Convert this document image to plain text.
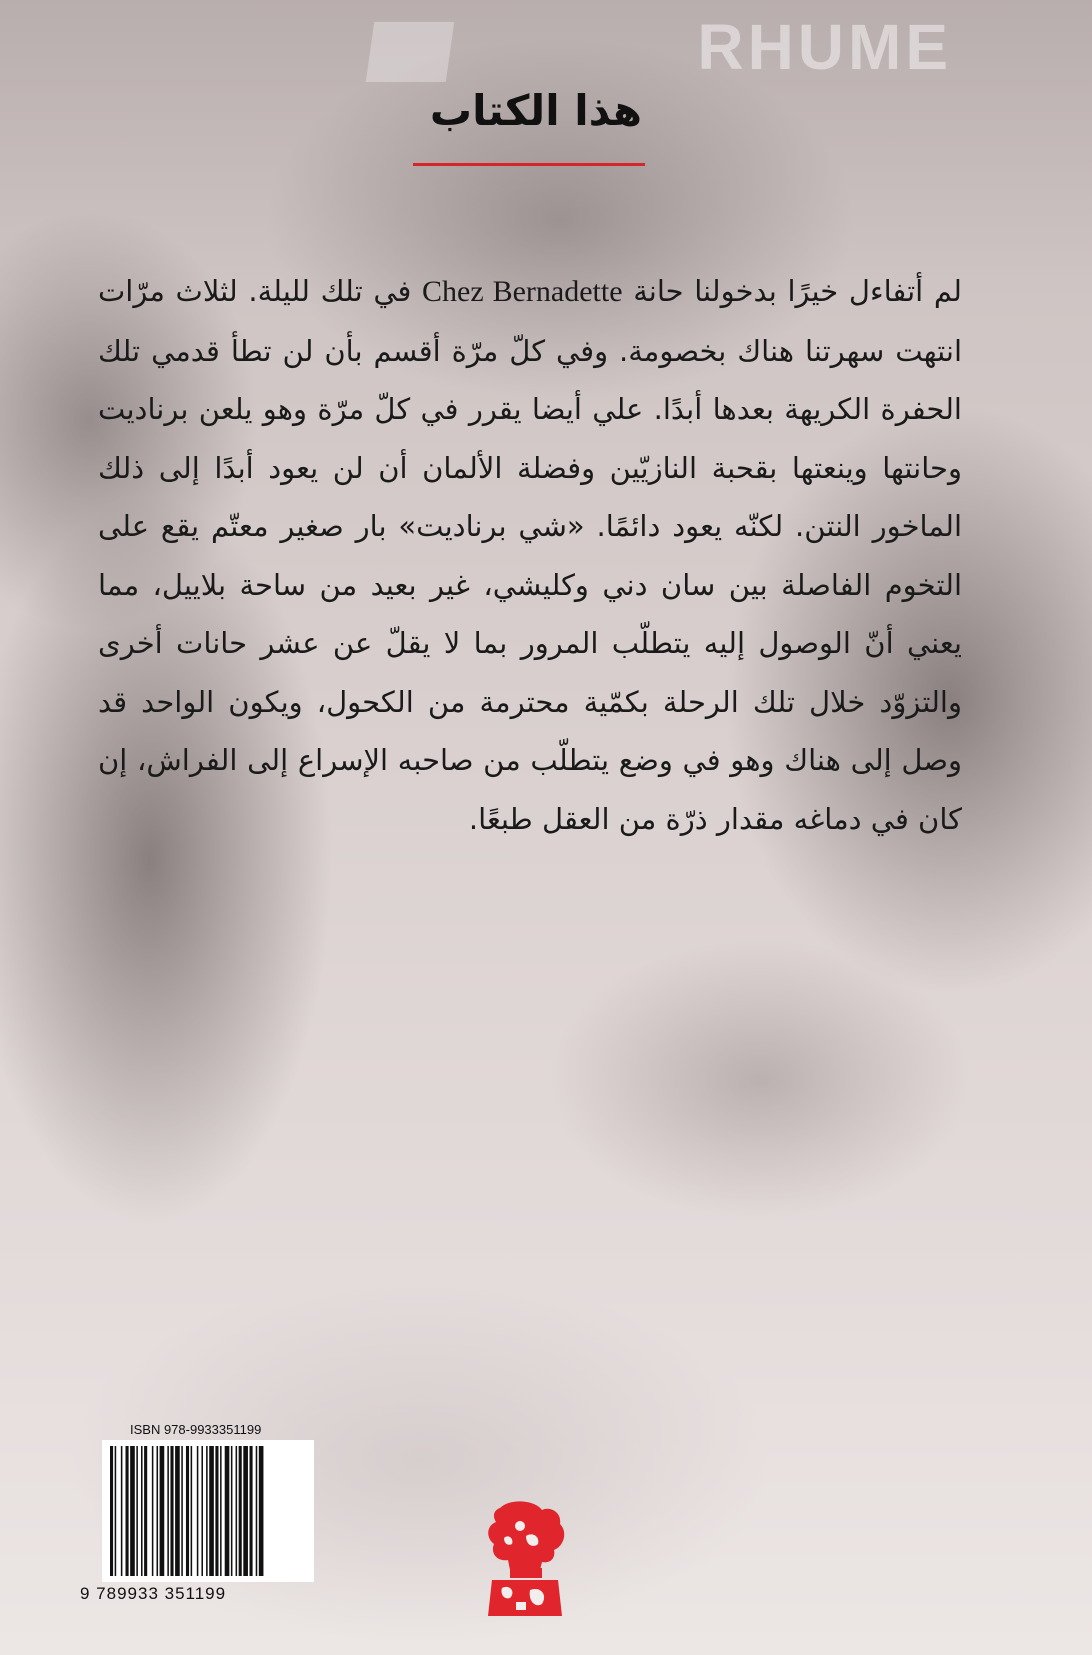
RHUME
هذا الكتاب

لم أتفاءل خيرًا بدخولنا حانة Chez Bernadette في تلك لليلة. لثلاث مرّات انتهت سهرتنا هناك بخصومة. وفي كلّ مرّة أقسم بأن لن تطأ قدمي تلك الحفرة الكريهة بعدها أبدًا. علي أيضا يقرر في كلّ مرّة وهو يلعن برناديت وحانتها وينعتها بقحبة النازيّين وفضلة الألمان أن لن يعود أبدًا إلى ذلك الماخور النتن. لكنّه يعود دائمًا. «شي برناديت» بار صغير معتّم يقع على التخوم الفاصلة بين سان دني وكليشي، غير بعيد من ساحة بلاييل، مما يعني أنّ الوصول إليه يتطلّب المرور بما لا يقلّ عن عشر حانات أخرى والتزوّد خلال تلك الرحلة بكمّية محترمة من الكحول، ويكون الواحد قد وصل إلى هناك وهو في وضع يتطلّب من صاحبه الإسراع إلى الفراش، إن كان في دماغه مقدار ذرّة من العقل طبعًا.

ISBN 978-9933351199
9 789933 351199
